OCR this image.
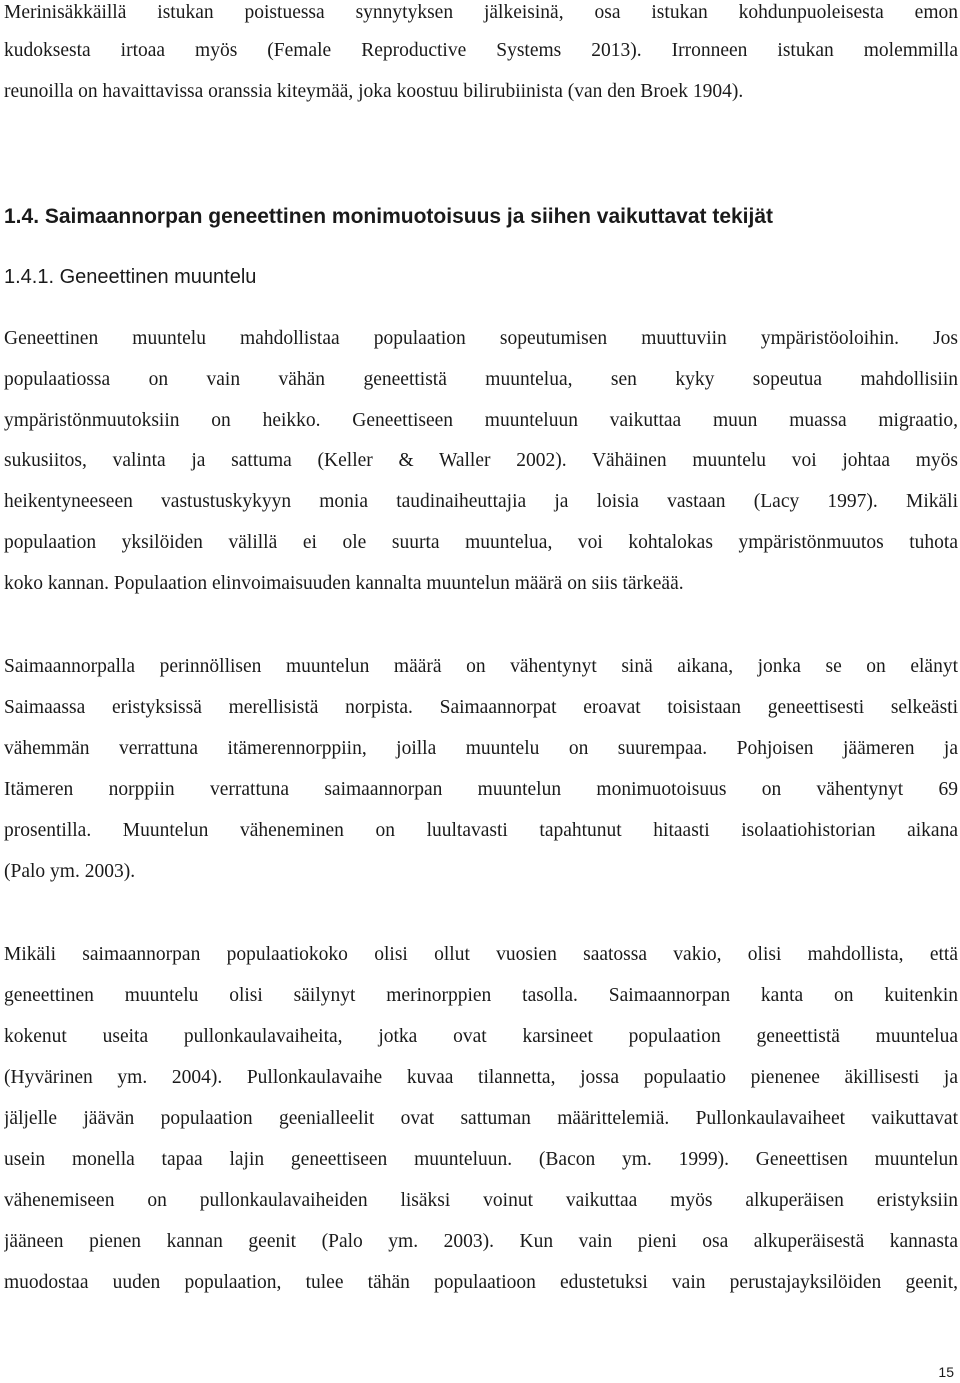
Merinisäkkäillä istukan poistuessa synnytyksen jälkeisinä, osa istukan kohdunpuoleisesta emon
kudoksesta irtoaa myös (Female Reproductive Systems 2013). Irronneen istukan molemmilla
reunoilla on havaittavissa oranssia kiteymää, joka koostuu bilirubiinista (van den Broek 1904).
1.4. Saimaannorpan geneettinen monimuotoisuus ja siihen vaikuttavat tekijät
1.4.1. Geneettinen muuntelu
Geneettinen muuntelu mahdollistaa populaation sopeutumisen muuttuviin ympäristöoloihin. Jos
populaatiossa on vain vähän geneettistä muuntelua, sen kyky sopeutua mahdollisiin
ympäristönmuutoksiin on heikko. Geneettiseen muunteluun vaikuttaa muun muassa migraatio,
sukusiitos, valinta ja sattuma (Keller & Waller 2002). Vähäinen muuntelu voi johtaa myös
heikentyneeseen vastustuskykyyn monia taudinaiheuttajia ja loisia vastaan (Lacy 1997). Mikäli
populaation yksilöiden välillä ei ole suurta muuntelua, voi kohtalokas ympäristönmuutos tuhota
koko kannan. Populaation elinvoimaisuuden kannalta muuntelun määrä on siis tärkeää.
Saimaannorpalla perinnöllisen muuntelun määrä on vähentynyt sinä aikana, jonka se on elänyt
Saimaassa eristyksissä merellisistä norpista. Saimaannorpat eroavat toisistaan geneettisesti selkeästi
vähemmän verrattuna itämerennorppiin, joilla muuntelu on suurempaa. Pohjoisen jäämeren ja
Itämeren norppiin verrattuna saimaannorpan muuntelun monimuotoisuus on vähentynyt 69
prosentilla. Muuntelun väheneminen on luultavasti tapahtunut hitaasti isolaatiohistorian aikana
(Palo ym. 2003).
Mikäli saimaannorpan populaatiokoko olisi ollut vuosien saatossa vakio, olisi mahdollista, että
geneettinen muuntelu olisi säilynyt merinorppien tasolla. Saimaannorpan kanta on kuitenkin
kokenut useita pullonkaulavaiheita, jotka ovat karsineet populaation geneettistä muuntelua
(Hyvärinen ym. 2004). Pullonkaulavaihe kuvaa tilannetta, jossa populaatio pienenee äkillisesti ja
jäljelle jäävän populaation geenialleelit ovat sattuman määrittelemiä. Pullonkaulavaiheet vaikuttavat
usein monella tapaa lajin geneettiseen muunteluun. (Bacon ym. 1999). Geneettisen muuntelun
vähenemiseen on pullonkaulavaiheiden lisäksi voinut vaikuttaa myös alkuperäisen eristyksiin
jääneen pienen kannan geenit (Palo ym. 2003). Kun vain pieni osa alkuperäisestä kannasta
muodostaa uuden populaation, tulee tähän populaatioon edustetuksi vain perustajayksilöiden geenit,
15
